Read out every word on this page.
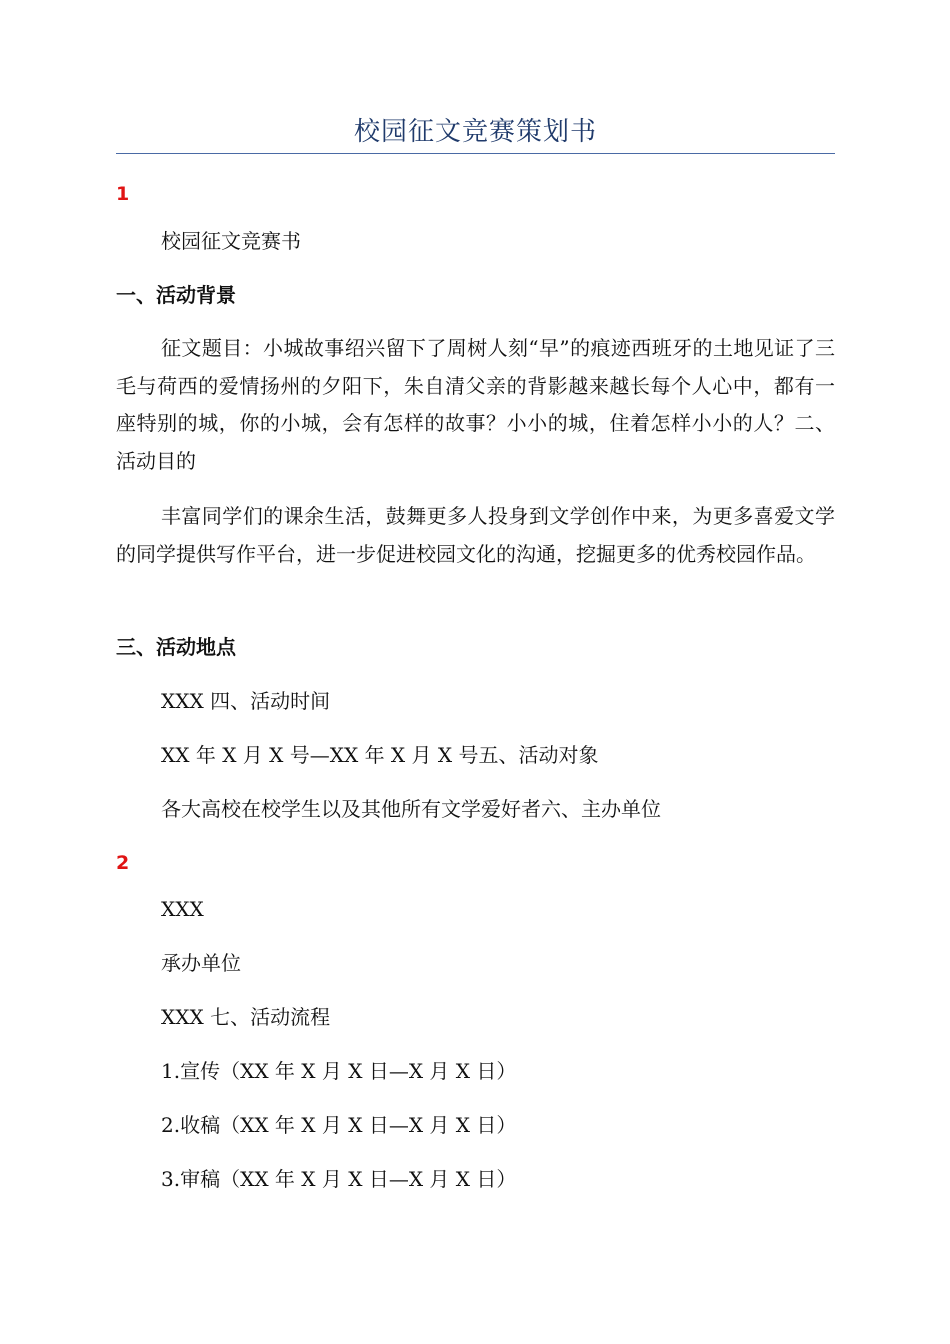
校园征文竞赛策划书
1
校园征文竞赛书
一、活动背景
征文题目：小城故事绍兴留下了周树人刻“早”的痕迹西班牙的土地见证了三毛与荷西的爱情扬州的夕阳下，朱自清父亲的背影越来越长每个人心中，都有一座特别的城，你的小城，会有怎样的故事？小小的城，住着怎样小小的人？二、活动目的
丰富同学们的课余生活，鼓舞更多人投身到文学创作中来，为更多喜爱文学的同学提供写作平台，进一步促进校园文化的沟通，挖掘更多的优秀校园作品。
三、活动地点
XXX 四、活动时间
XX 年 X 月 X 号—XX 年 X 月 X 号五、活动对象
各大高校在校学生以及其他所有文学爱好者六、主办单位
2
XXX
承办单位
XXX 七、活动流程
1.宣传（XX 年 X 月 X 日—X 月 X 日）
2.收稿（XX 年 X 月 X 日—X 月 X 日）
3.审稿（XX 年 X 月 X 日—X 月 X 日）
